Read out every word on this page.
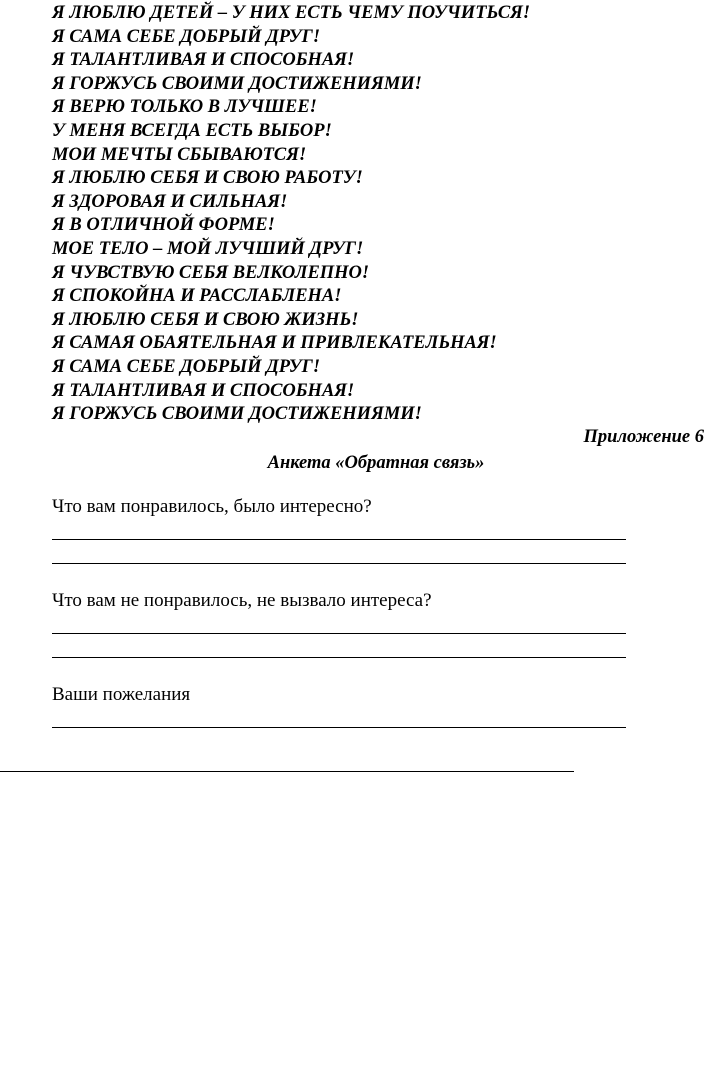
Я ЛЮБЛЮ ДЕТЕЙ – У НИХ ЕСТЬ ЧЕМУ ПОУЧИТЬСЯ!
Я САМА СЕБЕ ДОБРЫЙ ДРУГ!
Я ТАЛАНТЛИВАЯ И СПОСОБНАЯ!
Я ГОРЖУСЬ СВОИМИ ДОСТИЖЕНИЯМИ!
Я ВЕРЮ ТОЛЬКО В ЛУЧШЕЕ!
У МЕНЯ ВСЕГДА ЕСТЬ ВЫБОР!
МОИ МЕЧТЫ СБЫВАЮТСЯ!
Я ЛЮБЛЮ СЕБЯ И СВОЮ РАБОТУ!
Я ЗДОРОВАЯ И СИЛЬНАЯ!
Я В ОТЛИЧНОЙ ФОРМЕ!
МОЕ ТЕЛО – МОЙ ЛУЧШИЙ ДРУГ!
Я ЧУВСТВУЮ СЕБЯ ВЕЛКОЛЕПНО!
Я СПОКОЙНА И РАССЛАБЛЕНА!
Я ЛЮБЛЮ СЕБЯ И СВОЮ ЖИЗНЬ!
Я САМАЯ ОБАЯТЕЛЬНАЯ И ПРИВЛЕКАТЕЛЬНАЯ!
Я САМА СЕБЕ ДОБРЫЙ ДРУГ!
Я ТАЛАНТЛИВАЯ И СПОСОБНАЯ!
Я ГОРЖУСЬ СВОИМИ ДОСТИЖЕНИЯМИ!
Приложение 6
Анкета «Обратная связь»
Что вам понравилось, было интересно?
Что вам не понравилось, не вызвало интереса?
Ваши пожелания
